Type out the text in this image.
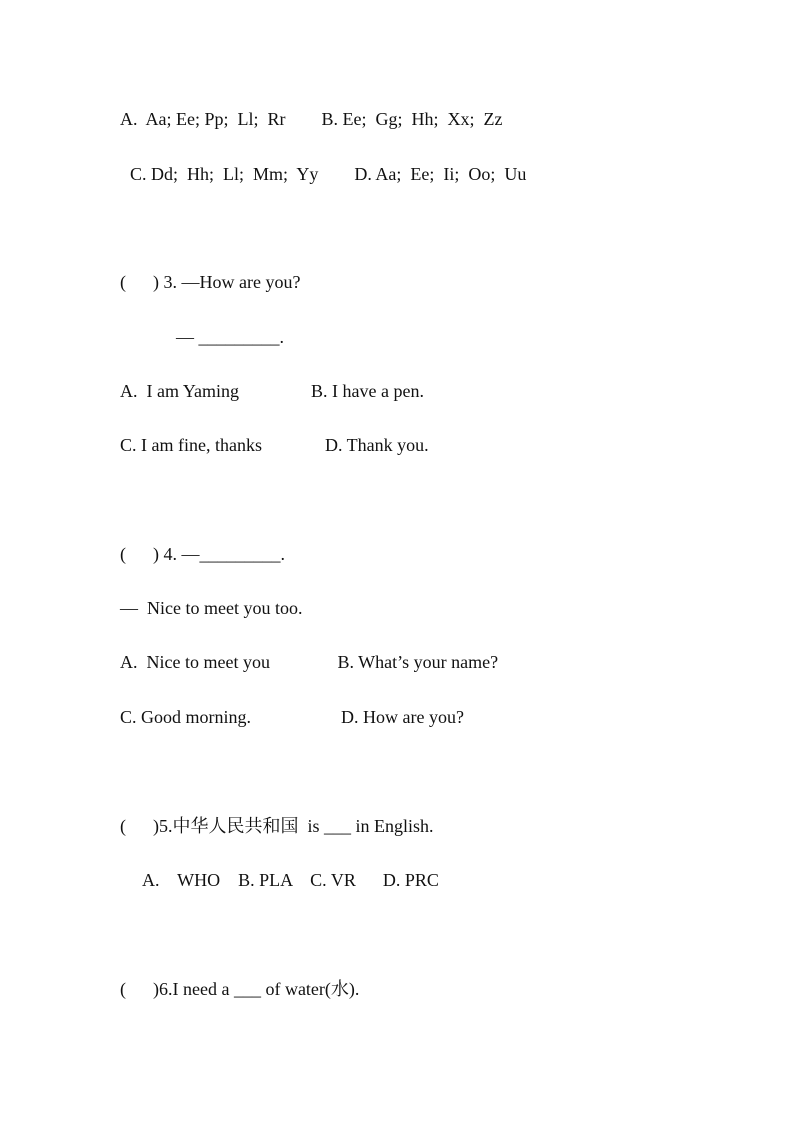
A.  Aa; Ee; Pp;  Ll;  Rr        B. Ee;  Gg;  Hh;  Xx;  Zz

C. Dd;  Hh;  Ll;  Mm;  Yy        D. Aa;  Ee;  Ii;  Oo;  Uu

(      ) 3. —How are you?

— _________.

A.  I am Yaming                B. I have a pen.

C. I am fine, thanks              D. Thank you.

(      ) 4. —_________.

—  Nice to meet you too.

A.  Nice to meet you               B. What’s your name?

C. Good morning.                    D. How are you?

(      )5.中华人民共和国  is ___ in English.

A.    WHO    B. PLA    C. VR      D. PRC

(      )6.I need a ___ of water(水).
